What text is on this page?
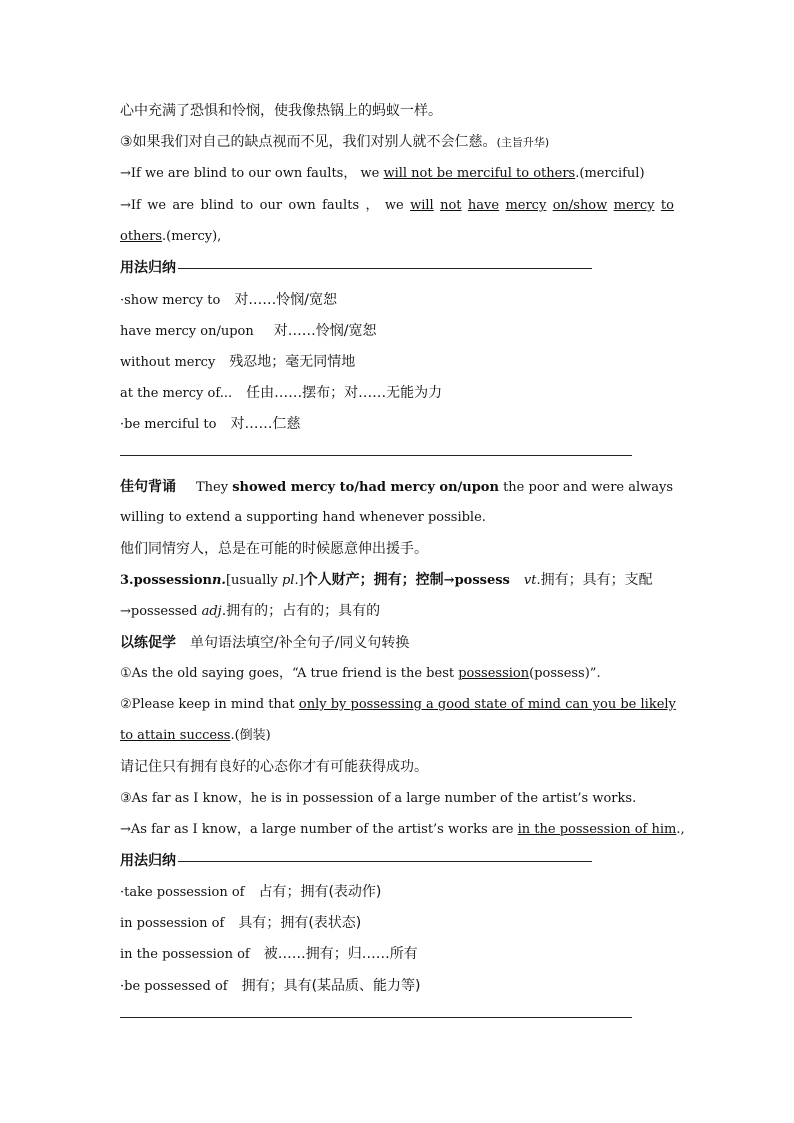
心中充满了恐惧和怜悯，使我像热锅上的蚂蚁一样。
③如果我们对自己的缺点视而不见，我们对别人就不会仁慈。(主旨升华)
→If we are blind to our own faults， we will not be merciful to others.(merciful)
→If we are blind to our own faults ， we will not have mercy on/show mercy to
others.(mercy),
用法归纳
·show mercy to 对……怜悯/宽恕
have mercy on/upon 对……怜悯/宽恕
without mercy 残忍地；毫无同情地
at the mercy of... 任由……摆布；对……无能为力
·be merciful to 对……仁慈
佳句背诵 They showed mercy to/had mercy on/upon the poor and were always
willing to extend a supporting hand whenever possible.
他们同情穷人，总是在可能的时候愿意伸出援手。
3.possessionn.[usually pl.]个人财产；拥有；控制→possess vt.拥有；具有；支配
→possessed adj.拥有的；占有的；具有的
以练促学 单句语法填空/补全句子/同义句转换
①As the old saying goes，“A true friend is the best possession(possess)”.
②Please keep in mind that only by possessing a good state of mind can you be likely
to attain success.(倒装)
请记住只有拥有良好的心态你才有可能获得成功。
③As far as I know，he is in possession of a large number of the artist’s works.
→As far as I know，a large number of the artist’s works are in the possession of him.,
用法归纳
·take possession of 占有；拥有(表动作)
in possession of 具有；拥有(表状态)
in the possession of 被……拥有；归……所有
·be possessed of 拥有；具有(某品质、能力等)
